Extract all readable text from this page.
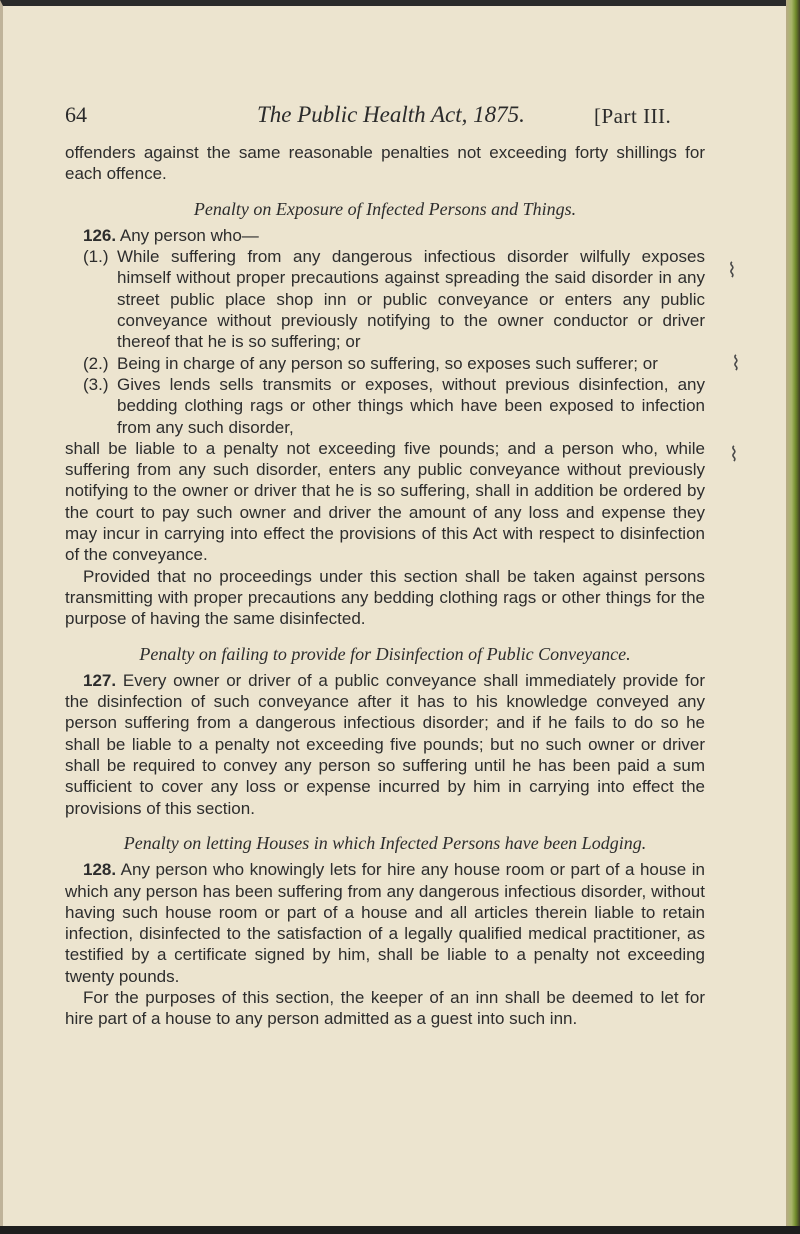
64	The Public Health Act, 1875.	[Part III.

offenders against the same reasonable penalties not exceeding forty shillings for each offence.

Penalty on Exposure of Infected Persons and Things.

126. Any person who—

(1.) While suffering from any dangerous infectious disorder wilfully exposes himself without proper precautions against spreading the said disorder in any street public place shop inn or public conveyance or enters any public conveyance without previously notifying to the owner conductor or driver thereof that he is so suffering; or

(2.) Being in charge of any person so suffering, so exposes such sufferer; or

(3.) Gives lends sells transmits or exposes, without previous disinfection, any bedding clothing rags or other things which have been exposed to infection from any such disorder,

shall be liable to a penalty not exceeding five pounds; and a person who, while suffering from any such disorder, enters any public conveyance without previously notifying to the owner or driver that he is so suffering, shall in addition be ordered by the court to pay such owner and driver the amount of any loss and expense they may incur in carrying into effect the provisions of this Act with respect to disinfection of the conveyance.

Provided that no proceedings under this section shall be taken against persons transmitting with proper precautions any bedding clothing rags or other things for the purpose of having the same disinfected.

Penalty on failing to provide for Disinfection of Public Conveyance.

127. Every owner or driver of a public conveyance shall immediately provide for the disinfection of such conveyance after it has to his knowledge conveyed any person suffering from a dangerous infectious disorder; and if he fails to do so he shall be liable to a penalty not exceeding five pounds; but no such owner or driver shall be required to convey any person so suffering until he has been paid a sum sufficient to cover any loss or expense incurred by him in carrying into effect the provisions of this section.

Penalty on letting Houses in which Infected Persons have been Lodging.

128. Any person who knowingly lets for hire any house room or part of a house in which any person has been suffering from any dangerous infectious disorder, without having such house room or part of a house and all articles therein liable to retain infection, disinfected to the satisfaction of a legally qualified medical practitioner, as testified by a certificate signed by him, shall be liable to a penalty not exceeding twenty pounds.

For the purposes of this section, the keeper of an inn shall be deemed to let for hire part of a house to any person admitted as a guest into such inn.

⌇
⌇
⌇
